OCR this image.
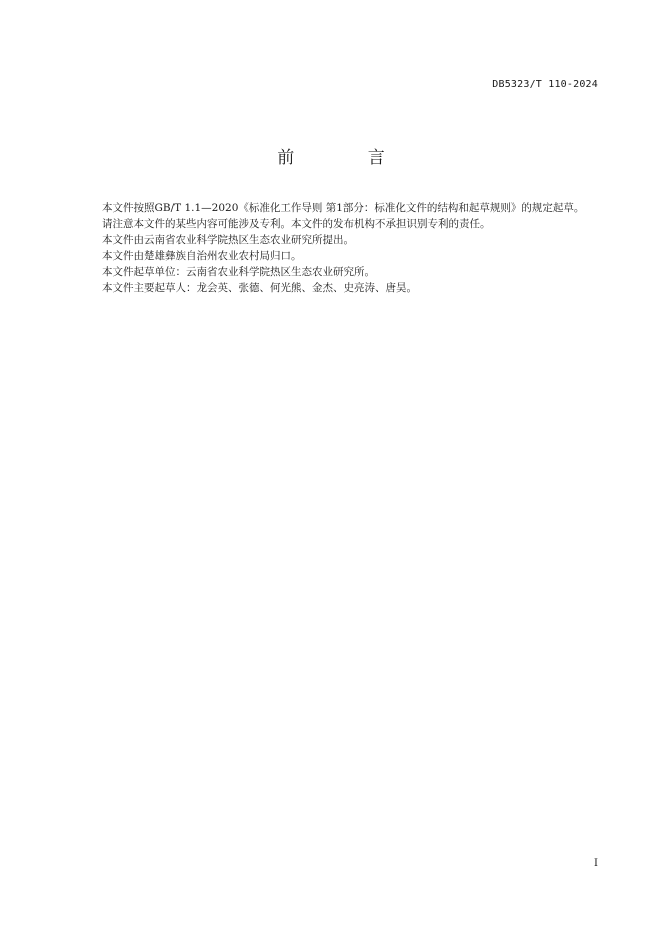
DB5323/T 110-2024
前 言

本文件按照GB/T 1.1—2020《标准化工作导则 第1部分：标准化文件的结构和起草规则》的规定起草。

请注意本文件的某些内容可能涉及专利。本文件的发布机构不承担识别专利的责任。

本文件由云南省农业科学院热区生态农业研究所提出。

本文件由楚雄彝族自治州农业农村局归口。

本文件起草单位：云南省农业科学院热区生态农业研究所。

本文件主要起草人：龙会英、张德、何光熊、金杰、史亮涛、唐昊。

I
